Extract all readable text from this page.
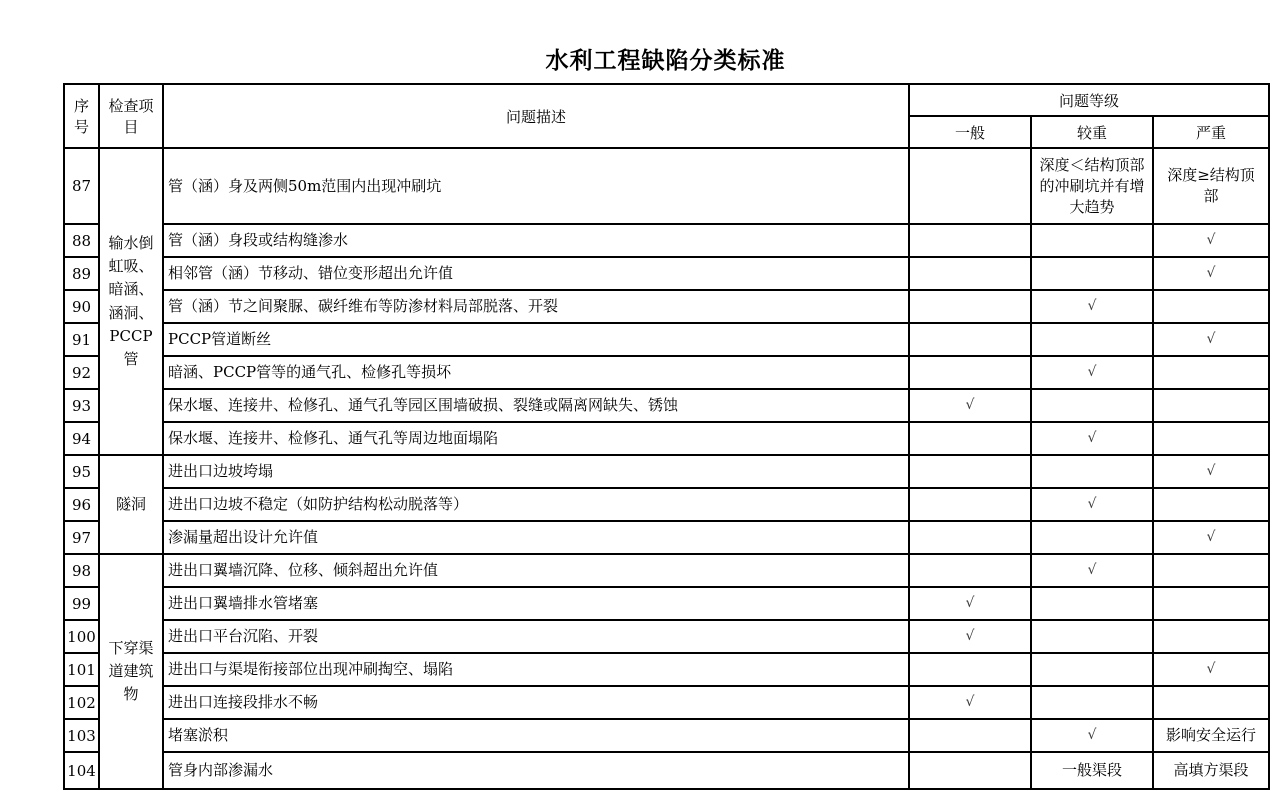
水利工程缺陷分类标准
序号	检查项目	问题描述	问题等级		
			一般	较重	严重
87	输水倒虹吸、暗涵、涵洞、PCCP管	管（涵）身及两侧50m范围内出现冲刷坑		深度＜结构顶部的冲刷坑并有增大趋势	深度≥结构顶部
88		管（涵）身段或结构缝渗水			√
89		相邻管（涵）节移动、错位变形超出允许值			√
90		管（涵）节之间聚脲、碳纤维布等防渗材料局部脱落、开裂		√	
91		PCCP管道断丝			√
92		暗涵、PCCP管等的通气孔、检修孔等损坏		√	
93		保水堰、连接井、检修孔、通气孔等园区围墙破损、裂缝或隔离网缺失、锈蚀	√		
94		保水堰、连接井、检修孔、通气孔等周边地面塌陷		√	
95	隧洞	进出口边坡垮塌			√
96		进出口边坡不稳定（如防护结构松动脱落等）		√	
97		渗漏量超出设计允许值			√
98	下穿渠道建筑物	进出口翼墙沉降、位移、倾斜超出允许值		√	
99		进出口翼墙排水管堵塞	√		
100		进出口平台沉陷、开裂	√		
101		进出口与渠堤衔接部位出现冲刷掏空、塌陷			√
102		进出口连接段排水不畅	√		
103		堵塞淤积		√	影响安全运行
104		管身内部渗漏水		一般渠段	高填方渠段
